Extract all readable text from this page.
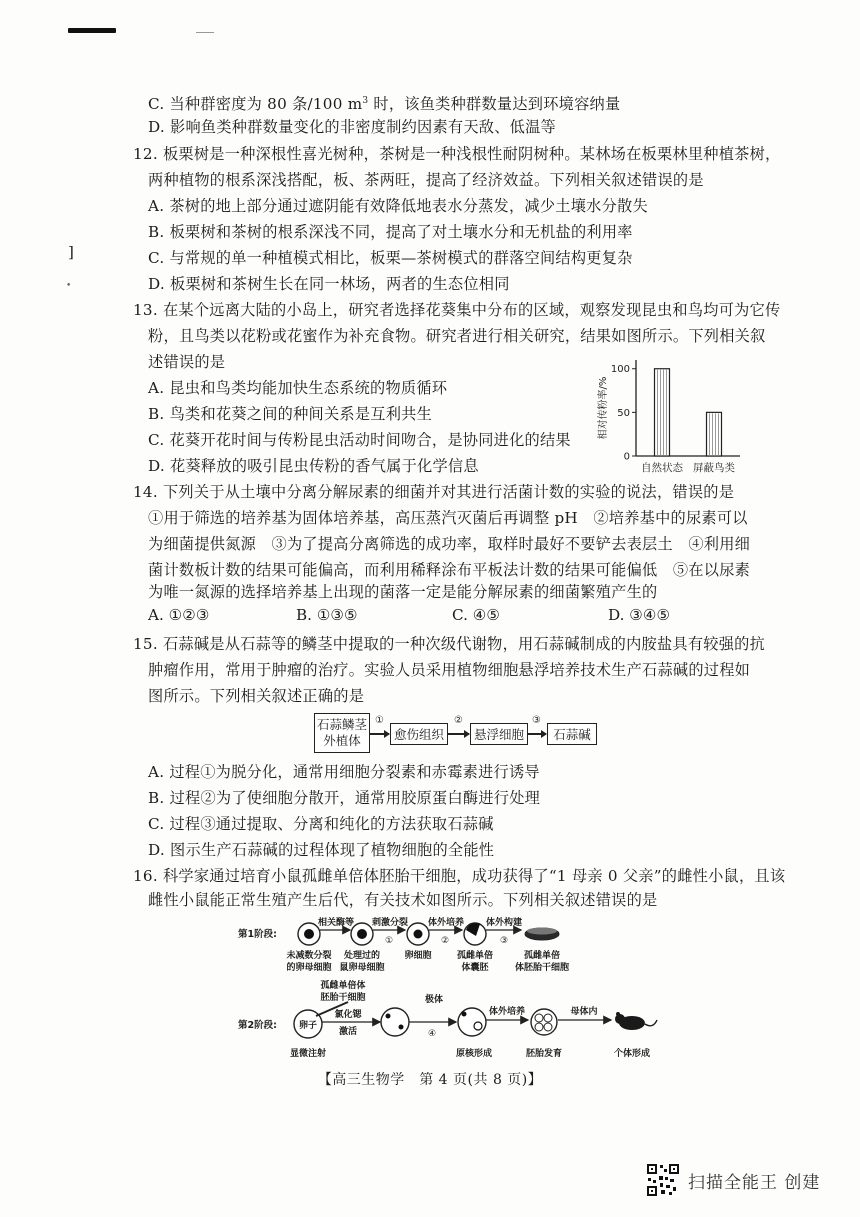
]
•
C. 当种群密度为 80 条/100 $m^3$ 时，该鱼类种群数量达到环境容纳量
D. 影响鱼类种群数量变化的非密度制约因素有天敌、低温等
12. 板栗树是一种深根性喜光树种，茶树是一种浅根性耐阴树种。某林场在板栗林里种植茶树，
两种植物的根系深浅搭配，板、茶两旺，提高了经济效益。下列相关叙述错误的是
A. 茶树的地上部分通过遮阴能有效降低地表水分蒸发，减少土壤水分散失
B. 板栗树和茶树的根系深浅不同，提高了对土壤水分和无机盐的利用率
C. 与常规的单一种植模式相比，板栗—茶树模式的群落空间结构更复杂
D. 板栗树和茶树生长在同一林场，两者的生态位相同
13. 在某个远离大陆的小岛上，研究者选择花葵集中分布的区域，观察发现昆虫和鸟均可为它传
粉，且鸟类以花粉或花蜜作为补充食物。研究者进行相关研究，结果如图所示。下列相关叙
述错误的是
A. 昆虫和鸟类均能加快生态系统的物质循环
B. 鸟类和花葵之间的种间关系是互利共生
C. 花葵开花时间与传粉昆虫活动时间吻合，是协同进化的结果
D. 花葵释放的吸引昆虫传粉的香气属于化学信息	0
50
100
相对传粉率/%
自然状态 屏蔽鸟类
14. 下列关于从土壤中分离分解尿素的细菌并对其进行活菌计数的实验的说法，错误的是
①用于筛选的培养基为固体培养基，高压蒸汽灭菌后再调整 pH　②培养基中的尿素可以
为细菌提供氮源　③为了提高分离筛选的成功率，取样时最好不要铲去表层土　④利用细
菌计数板计数的结果可能偏高，而利用稀释涂布平板法计数的结果可能偏低　⑤在以尿素
为唯一氮源的选择培养基上出现的菌落一定是能分解尿素的细菌繁殖产生的
A. ①②③	B. ①③⑤	C. ④⑤	D. ③④⑤
15. 石蒜碱是从石蒜等的鳞茎中提取的一种次级代谢物，用石蒜碱制成的内胺盐具有较强的抗
肿瘤作用，常用于肿瘤的治疗。实验人员采用植物细胞悬浮培养技术生产石蒜碱的过程如
图所示。下列相关叙述正确的是
石蒜鳞茎
外植体
①
愈伤组织
②
悬浮细胞
③
石蒜碱
A. 过程①为脱分化，通常用细胞分裂素和赤霉素进行诱导
B. 过程②为了使细胞分散开，通常用胶原蛋白酶进行处理
C. 过程③通过提取、分离和纯化的方法获取石蒜碱
D. 图示生产石蒜碱的过程体现了植物细胞的全能性
16. 科学家通过培育小鼠孤雌单倍体胚胎干细胞，成功获得了“1 母亲 0 父亲”的雌性小鼠，且该
雌性小鼠能正常生殖产生后代，有关技术如图所示。下列相关叙述错误的是
第1阶段:
相关酶等 刺激分裂
①
体外培养
②
体外构建
③
未减数分裂
的卵母细胞
处理过的
鼠卵母细胞
卵细胞	孤雌单倍
体囊胚
孤雌单倍
体胚胎干细胞
孤雌单倍体
胚胎干细胞
第2阶段: 卵子
氯化锶
激活	④
极体
体外培养	母体内
显微注射	原核形成	胚胎发育	个体形成
【高三生物学　第 4 页(共 8 页)】
扫描全能王 创建
